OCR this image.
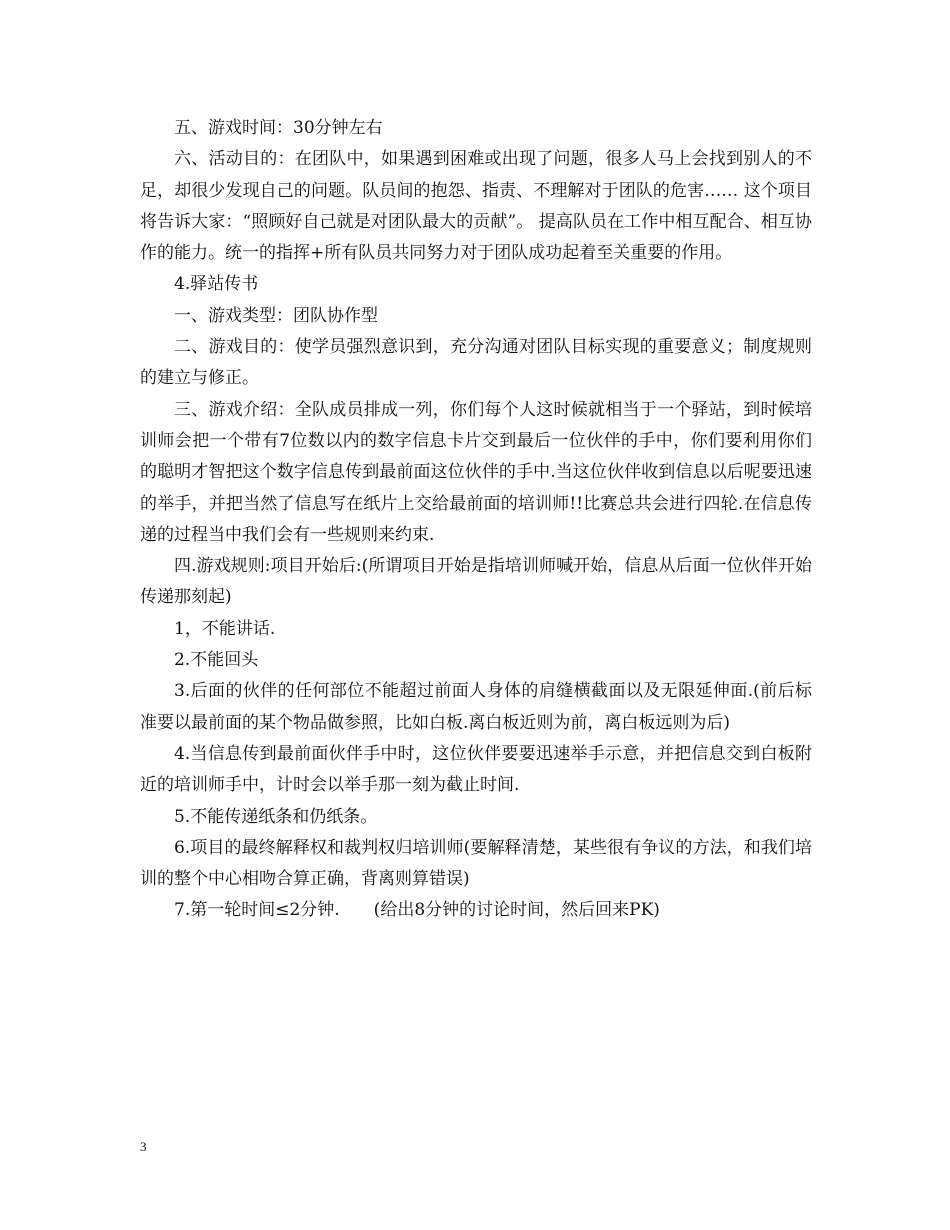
五、游戏时间：30分钟左右

六、活动目的：在团队中，如果遇到困难或出现了问题，很多人马上会找到别人的不足，却很少发现自己的问题。队员间的抱怨、指责、不理解对于团队的危害…… 这个项目将告诉大家：“照顾好自己就是对团队最大的贡献”。 提高队员在工作中相互配合、相互协作的能力。统一的指挥+所有队员共同努力对于团队成功起着至关重要的作用。

4.驿站传书

一、游戏类型：团队协作型

二、游戏目的：使学员强烈意识到，充分沟通对团队目标实现的重要意义；制度规则的建立与修正。

三、游戏介绍：全队成员排成一列，你们每个人这时候就相当于一个驿站，到时候培训师会把一个带有7位数以内的数字信息卡片交到最后一位伙伴的手中，你们要利用你们的聪明才智把这个数字信息传到最前面这位伙伴的手中.当这位伙伴收到信息以后呢要迅速的举手，并把当然了信息写在纸片上交给最前面的培训师!!比赛总共会进行四轮.在信息传递的过程当中我们会有一些规则来约束.

四.游戏规则:项目开始后:(所谓项目开始是指培训师喊开始，信息从后面一位伙伴开始传递那刻起)

1，不能讲话.

2.不能回头

3.后面的伙伴的任何部位不能超过前面人身体的肩缝横截面以及无限延伸面.(前后标准要以最前面的某个物品做参照，比如白板.离白板近则为前，离白板远则为后)

4.当信息传到最前面伙伴手中时，这位伙伴要要迅速举手示意，并把信息交到白板附近的培训师手中，计时会以举手那一刻为截止时间.

5.不能传递纸条和仍纸条。

6.项目的最终解释权和裁判权归培训师(要解释清楚，某些很有争议的方法，和我们培训的整个中心相吻合算正确，背离则算错误)

7.第一轮时间≤2分钟.　　(给出8分钟的讨论时间，然后回来PK)

3
